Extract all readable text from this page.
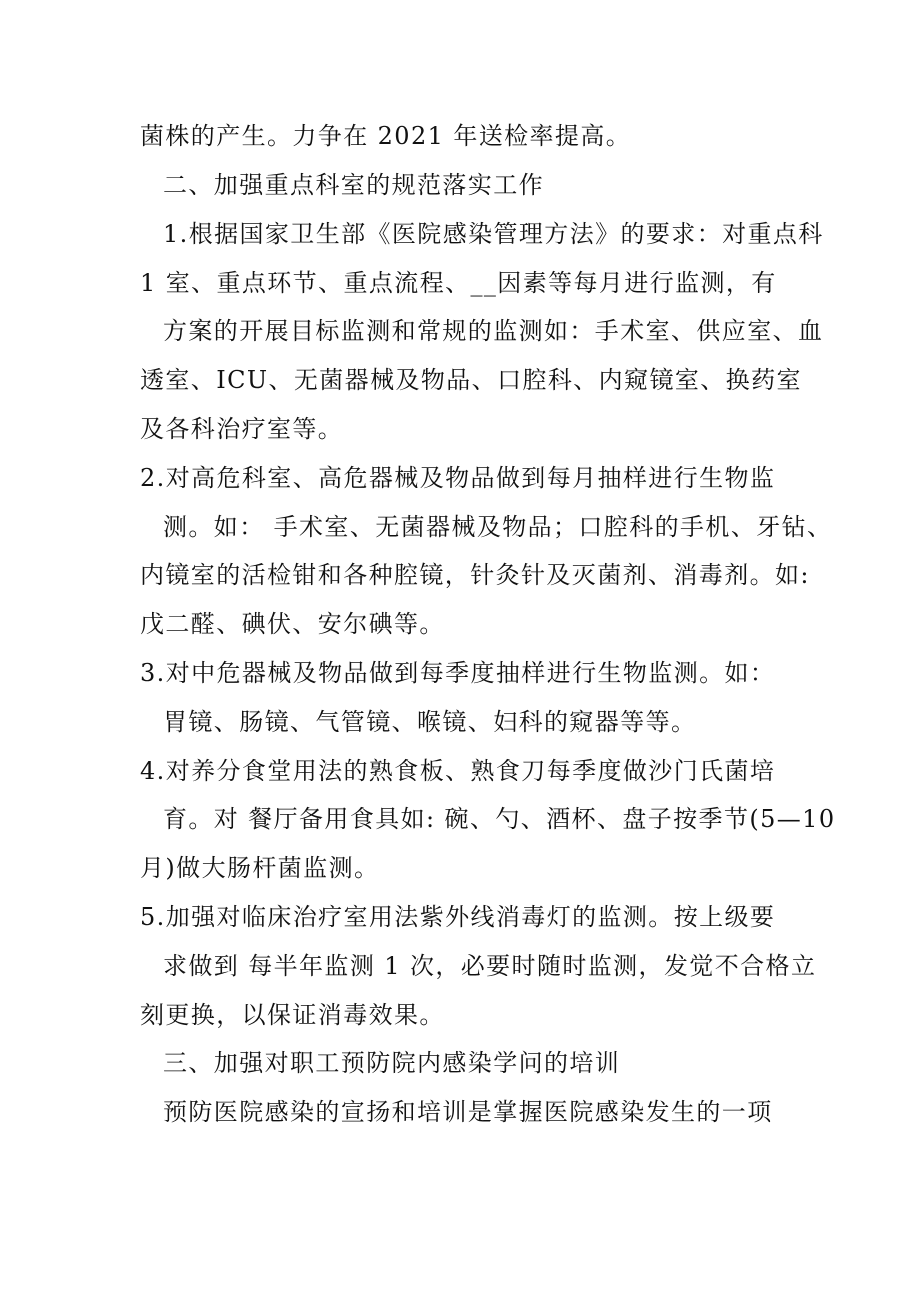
菌株的产生。力争在 2021 年送检率提高。

二、加强重点科室的规范落实工作

1.根据国家卫生部《医院感染管理方法》的要求：对重点科

1 室、重点环节、重点流程、__因素等每月进行监测，有

方案的开展目标监测和常规的监测如：手术室、供应室、血

透室、ICU、无菌器械及物品、口腔科、内窥镜室、换药室

及各科治疗室等。

2.对高危科室、高危器械及物品做到每月抽样进行生物监

测。如： 手术室、无菌器械及物品；口腔科的手机、牙钻、

内镜室的活检钳和各种腔镜，针灸针及灭菌剂、消毒剂。如:

戊二醛、碘伏、安尔碘等。

3.对中危器械及物品做到每季度抽样进行生物监测。如：

胃镜、肠镜、气管镜、喉镜、妇科的窥器等等。

4.对养分食堂用法的熟食板、熟食刀每季度做沙门氏菌培

育。对 餐厅备用食具如: 碗、勺、酒杯、盘子按季节(5—10

月)做大肠杆菌监测。

5.加强对临床治疗室用法紫外线消毒灯的监测。按上级要

求做到 每半年监测 1 次，必要时随时监测，发觉不合格立

刻更换，以保证消毒效果。

三、加强对职工预防院内感染学问的培训

预防医院感染的宣扬和培训是掌握医院感染发生的一项
